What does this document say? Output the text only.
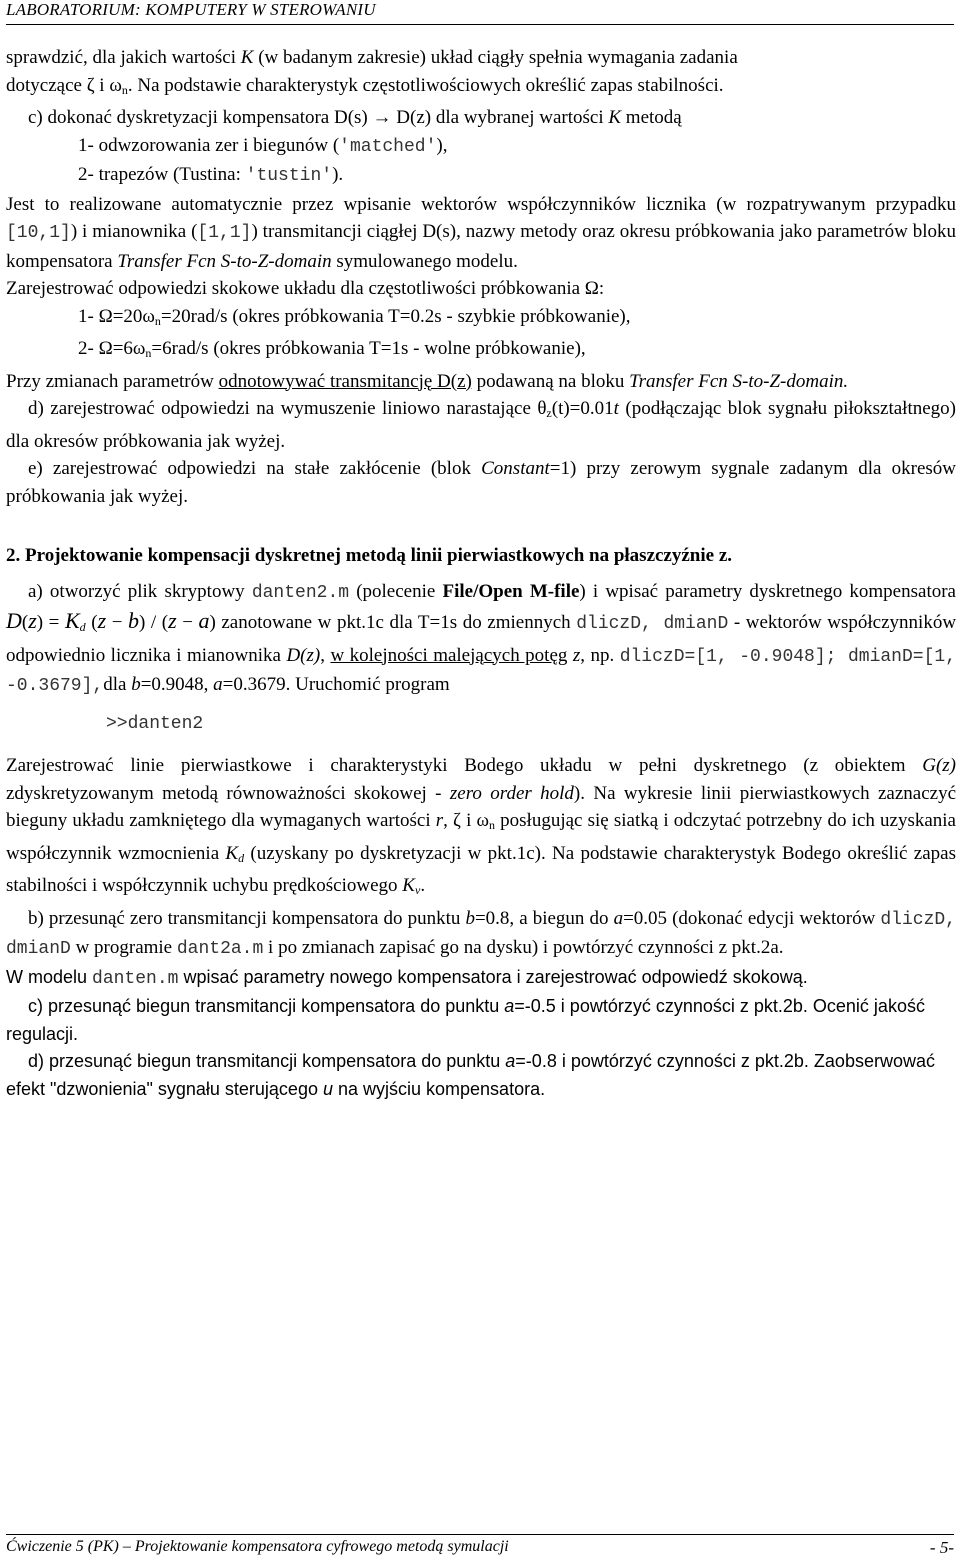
LABORATORIUM: KOMPUTERY W STEROWANIU

sprawdzić, dla jakich wartości K (w badanym zakresie) układ ciągły spełnia wymagania zadania

dotyczące ζ i $\omega_n$. Na podstawie charakterystyk częstotliwościowych określić zapas stabilności.

c) dokonać dyskretyzacji kompensatora D(s) → D(z) dla wybranej wartości K metodą

1- odwzorowania zer i biegunów ('matched'),

2- trapezów (Tustina: 'tustin').

Jest to realizowane automatycznie przez wpisanie wektorów współczynników licznika (w rozpatrywanym przypadku [10,1]) i mianownika ([1,1]) transmitancji ciągłej D(s), nazwy metody oraz okresu próbkowania jako parametrów bloku kompensatora Transfer Fcn S-to-Z-domain symulowanego modelu.

Zarejestrować odpowiedzi skokowe układu dla częstotliwości próbkowania Ω:

1- $\Omega=20\omega_n=20rad/s$ (okres próbkowania T=0.2s - szybkie próbkowanie),

2- $\Omega=6\omega_n=6rad/s$ (okres próbkowania T=1s - wolne próbkowanie),

Przy zmianach parametrów odnotowywać transmitancję D(z) podawaną na bloku Transfer Fcn S-to-Z-domain.

d) zarejestrować odpowiedzi na wymuszenie liniowo narastające $\theta_z(t)=0.01t$ (podłączając blok sygnału piłokształtnego) dla okresów próbkowania jak wyżej.

e) zarejestrować odpowiedzi na stałe zakłócenie (blok Constant=1) przy zerowym sygnale zadanym dla okresów próbkowania jak wyżej.

2. Projektowanie kompensacji dyskretnej metodą linii pierwiastkowych na płaszczyźnie z.

a) otworzyć plik skryptowy danten2.m (polecenie File/Open M-file) i wpisać parametry dyskretnego kompensatora $D(z) = K_d$ (z − b) / (z − a) zanotowane w pkt.1c dla T=1s do zmiennych dliczD, dmianD - wektorów współczynników odpowiednio licznika i mianownika D(z), w kolejności malejących potęg z, np. dliczD=[1, -0.9048]; dmianD=[1, -0.3679],dla b=0.9048, a=0.3679. Uruchomić program

>>danten2

Zarejestrować linie pierwiastkowe i charakterystyki Bodego układu w pełni dyskretnego (z obiektem G(z) zdyskretyzowanym metodą równoważności skokowej - zero order hold). Na wykresie linii pierwiastkowych zaznaczyć bieguny układu zamkniętego dla wymaganych wartości r, ζ i $\omega_n$ posługując się siatką i odczytać potrzebny do ich uzyskania współczynnik wzmocnienia $K_d$ (uzyskany po dyskretyzacji w pkt.1c). Na podstawie charakterystyk Bodego określić zapas stabilności i współczynnik uchybu prędkościowego $K_v$.

b) przesunąć zero transmitancji kompensatora do punktu b=0.8, a biegun do a=0.05 (dokonać edycji wektorów dliczD, dmianD w programie dant2a.m i po zmianach zapisać go na dysku) i powtórzyć czynności z pkt.2a.

W modelu danten.m wpisać parametry nowego kompensatora i zarejestrować odpowiedź skokową.

c) przesunąć biegun transmitancji kompensatora do punktu a=-0.5 i powtórzyć czynności z pkt.2b. Ocenić jakość regulacji.

d) przesunąć biegun transmitancji kompensatora do punktu a=-0.8 i powtórzyć czynności z pkt.2b. Zaobserwować efekt "dzwonienia" sygnału sterującego u na wyjściu kompensatora.

Ćwiczenie 5 (PK) – Projektowanie kompensatora cyfrowego metodą symulacji	- 5-
